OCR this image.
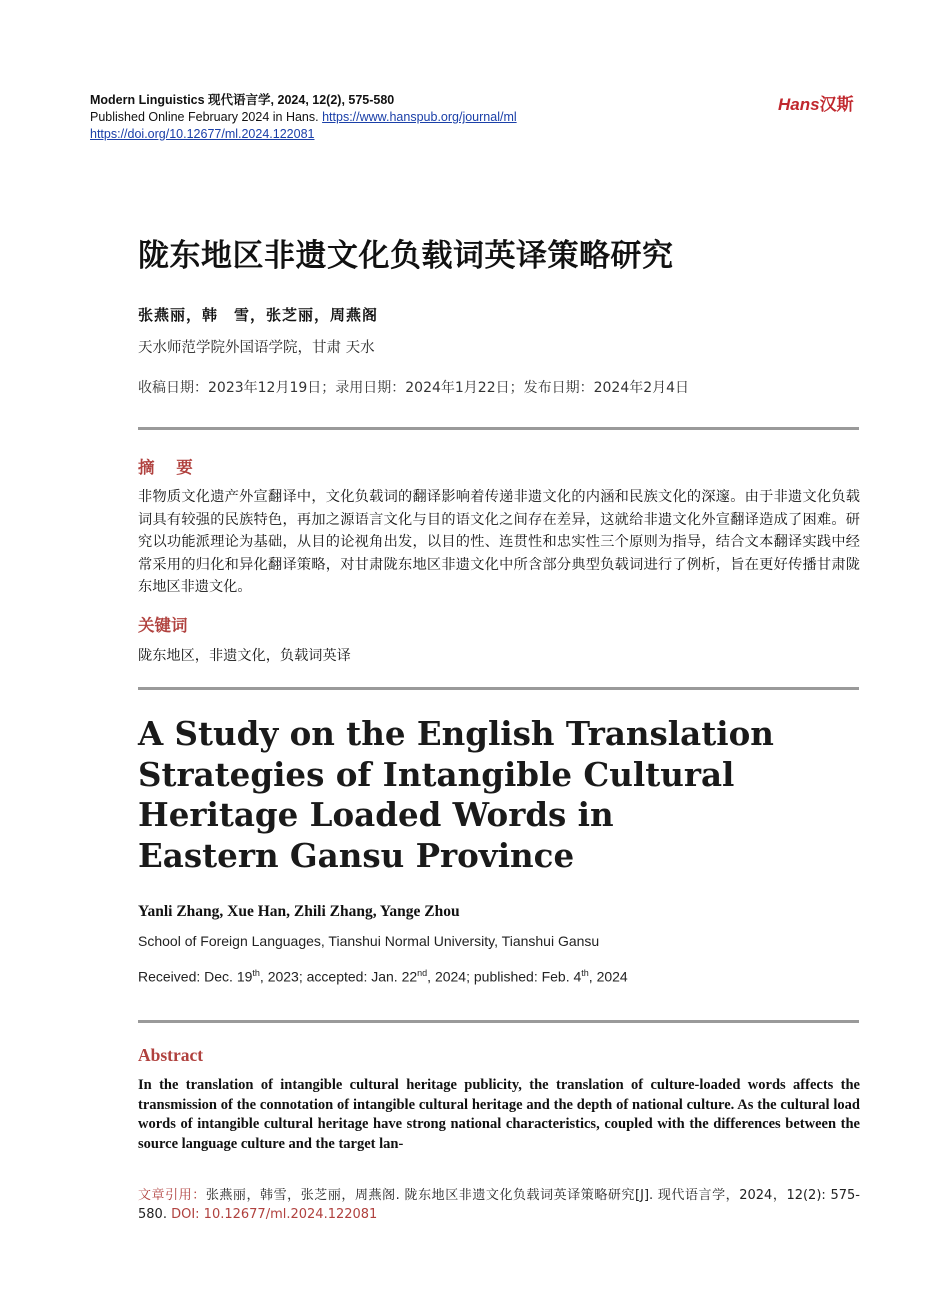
Modern Linguistics 现代语言学, 2024, 12(2), 575-580
Published Online February 2024 in Hans. https://www.hanspub.org/journal/ml
https://doi.org/10.12677/ml.2024.122081
Hans汉斯
陇东地区非遗文化负载词英译策略研究
张燕丽，韩　雪，张芝丽，周燕阁
天水师范学院外国语学院，甘肃 天水
收稿日期：2023年12月19日；录用日期：2024年1月22日；发布日期：2024年2月4日
摘 要
非物质文化遗产外宣翻译中，文化负载词的翻译影响着传递非遗文化的内涵和民族文化的深邃。由于非遗文化负载词具有较强的民族特色，再加之源语言文化与目的语文化之间存在差异，这就给非遗文化外宣翻译造成了困难。研究以功能派理论为基础，从目的论视角出发，以目的性、连贯性和忠实性三个原则为指导，结合文本翻译实践中经常采用的归化和异化翻译策略，对甘肃陇东地区非遗文化中所含部分典型负载词进行了例析，旨在更好传播甘肃陇东地区非遗文化。
关键词
陇东地区，非遗文化，负载词英译
A Study on the English Translation
Strategies of Intangible Cultural
Heritage Loaded Words in
Eastern Gansu Province
Yanli Zhang, Xue Han, Zhili Zhang, Yange Zhou
School of Foreign Languages, Tianshui Normal University, Tianshui Gansu
Received: Dec. 19th, 2023; accepted: Jan. 22nd, 2024; published: Feb. 4th, 2024
Abstract
In the translation of intangible cultural heritage publicity, the translation of culture-loaded words affects the transmission of the connotation of intangible cultural heritage and the depth of national culture. As the cultural load words of intangible cultural heritage have strong national characteristics, coupled with the differences between the source language culture and the target lan-
文章引用：张燕丽，韩雪，张芝丽，周燕阁. 陇东地区非遗文化负载词英译策略研究[J]. 现代语言学，2024，12(2): 575-580. DOI: 10.12677/ml.2024.122081
